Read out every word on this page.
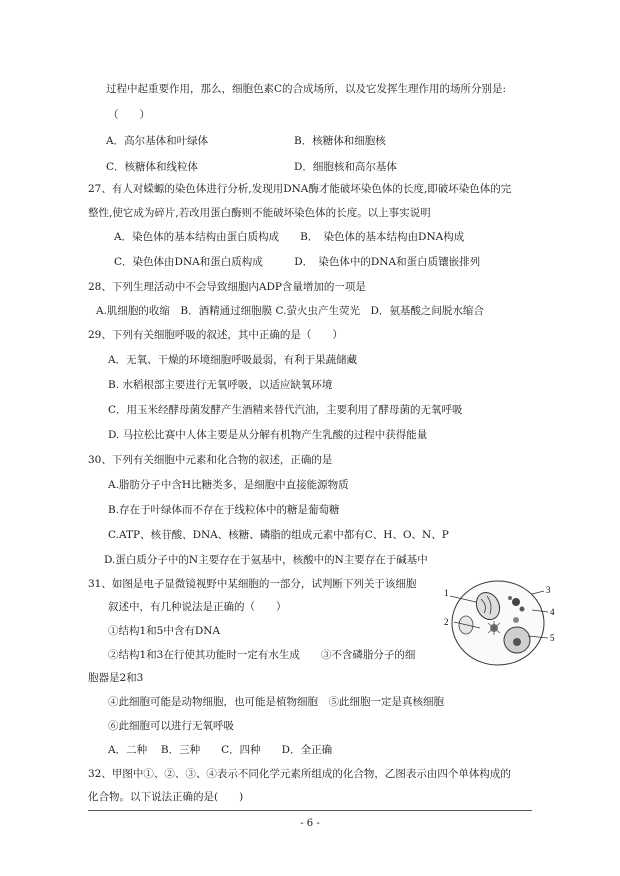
过程中起重要作用，那么，细胞色素C的合成场所，以及它发挥生理作用的场所分别是:
（　　）
A．高尔基体和叶绿体	B．核糖体和细胞核
C．核糖体和线粒体	D．细胞核和高尔基体
27、有人对蝾螈的染色体进行分析,发现用DNA酶才能破坏染色体的长度,即破坏染色体的完
整性,使它成为碎片,若改用蛋白酶则不能破坏染色体的长度。以上事实说明
A．染色体的基本结构由蛋白质构成　　B．　染色体的基本结构由DNA构成
C．染色体由DNA和蛋白质构成　　　D．　染色体中的DNA和蛋白质镶嵌排列
28、下列生理活动中不会导致细胞内ADP含量增加的一项是
A.肌细胞的收缩　B．酒精通过细胞膜 C.萤火虫产生荧光　D．氨基酸之间脱水缩合
29、下列有关细胞呼吸的叙述，其中正确的是（　　）
A．无氧、干燥的环境细胞呼吸最弱，有利于果蔬储藏
B. 水稻根部主要进行无氧呼吸，以适应缺氧环境
C．用玉米经酵母菌发酵产生酒精来替代汽油，主要利用了酵母菌的无氧呼吸
D. 马拉松比赛中人体主要是从分解有机物产生乳酸的过程中获得能量
30、下列有关细胞中元素和化合物的叙述，正确的是
A.脂肪分子中含H比糖类多，是细胞中直接能源物质
B.存在于叶绿体而不存在于线粒体中的糖是葡萄糖
C.ATP、核苷酸、DNA、核糖、磷脂的组成元素中都有C、H、O、N、P
D.蛋白质分子中的N主要存在于氨基中，核酸中的N主要存在于碱基中
31、如图是电子显微镜视野中某细胞的一部分，试判断下列关于该细胞
叙述中，有几种说法是正确的（　　）
①结构1和5中含有DNA
②结构1和3在行使其功能时一定有水生成　　③不含磷脂分子的细
胞器是2和3
④此细胞可能是动物细胞，也可能是植物细胞　⑤此细胞一定是真核细胞
⑥此细胞可以进行无氧呼吸
A．二种　 B．三种　　C．四种　　D．全正确
32、甲图中①、②、③、④表示不同化学元素所组成的化合物，乙图表示由四个单体构成的
化合物。以下说法正确的是(　　)
1
2
3
4
5
- 6 -
